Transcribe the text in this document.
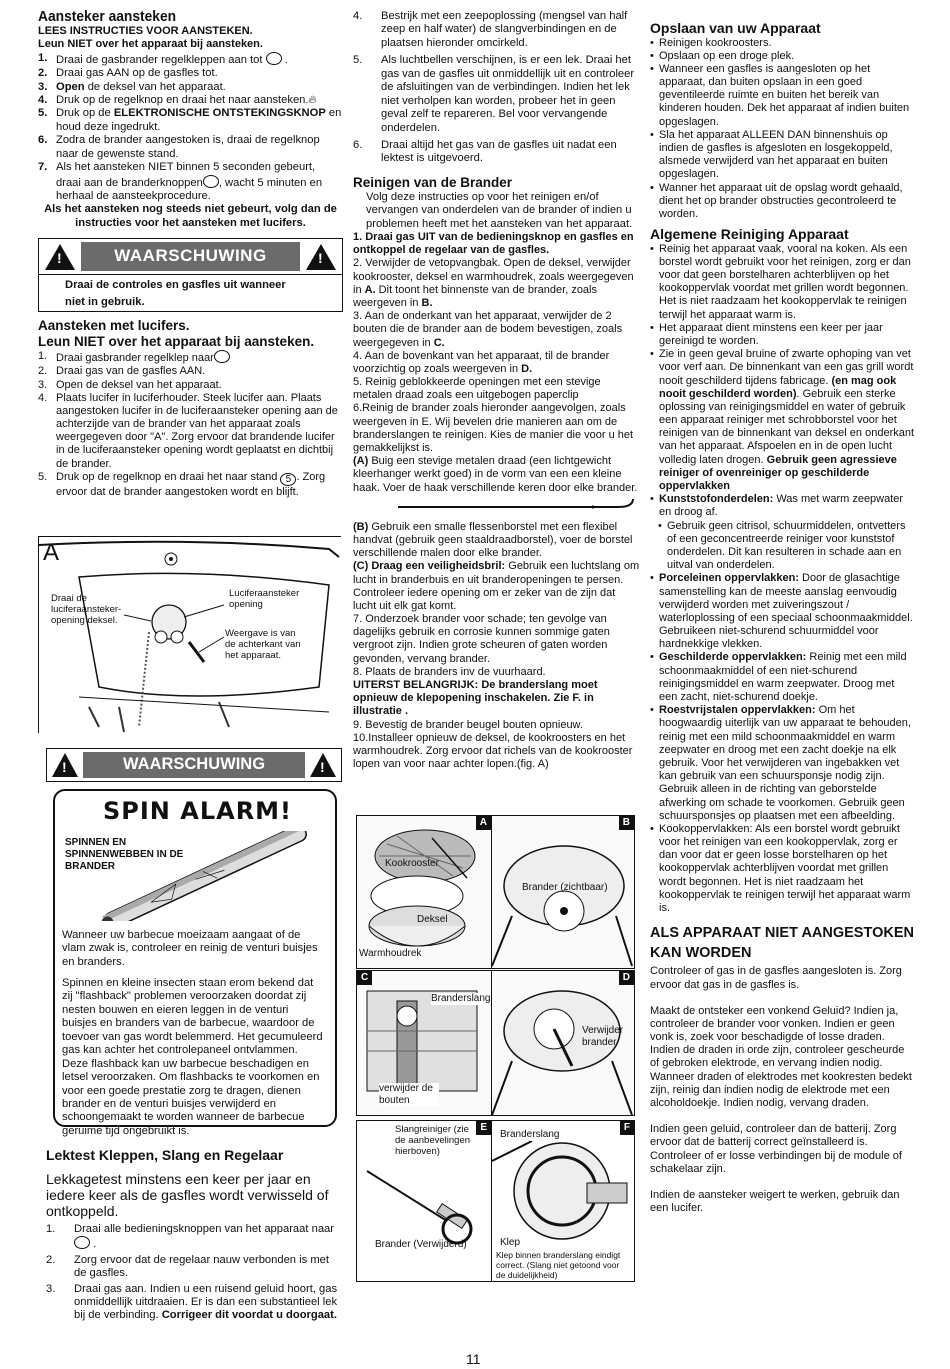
Aansteker aansteken

LEES INSTRUCTIES VOOR AANSTEKEN.

Leun NIET over het apparaat bij aansteken.

1. Draai de gasbrander regelkleppen aan tot  .
2. Draai gas AAN op de gasfles tot.
3. Open de deksel van het apparaat.
4. Druk op de regelknop en draai het naar aansteken.🔥︎
5. Druk op de ELEKTRONISCHE ONTSTEKINGSKNOP en houd deze ingedrukt.
6. Zodra de brander aangestoken is, draai de regelknop naar de gewenste stand.
7. Als het aansteken NIET binnen 5 seconden gebeurt, draai aan de branderknoppen , wacht 5 minuten en herhaal de aansteekprocedure.

Als het aansteken nog steeds niet gebeurt, volg dan de instructies voor het aansteken met lucifers.

!
WAARSCHUWING
!

Draai de controles en gasfles uit wanneer

niet in gebruik.

Aansteken met lucifers.
Leun NIET over het apparaat bij aansteken.
1. Draai gasbrander regelklep naar
2. Draai gas van de gasfles AAN.
3. Open de deksel van het apparaat.
4. Plaats lucifer in luciferhouder. Steek lucifer aan. Plaats aangestoken lucifer in de luciferaansteker opening aan de achterzijde van de brander van het apparaat zoals weergegeven door "A". Zorg ervoor dat brandende lucifer in de luciferaansteker opening wordt geplaatst en dichtbij de brander.
5. Druk op de regelknop en draai het naar stand 5 . Zorg ervoor dat de brander aangestoken wordt en blijft.
A
Draai de luciferaansteker- opening deksel.
Luciferaansteker opening
Weergave is van de achterkant van het apparaat.
!
WAARSCHUWING
!
SPIN ALARM!
SPINNEN EN SPINNENWEBBEN IN DE BRANDER

Wanneer uw barbecue moeizaam aangaat of de vlam zwak is, controleer en reinig de venturi buisjes en branders.

Spinnen en kleine insecten staan erom bekend dat zij "flashback" problemen veroorzaken doordat zij nesten bouwen en eieren leggen in de venturi buisjes en branders van de barbecue, waardoor de toevoer van gas wordt belemmerd. Het gecumuleerd gas kan achter het controlepaneel ontvlammen. Deze flashback kan uw barbecue beschadigen en letsel veroorzaken. Om flashbacks te voorkomen en voor een goede prestatie zorg te dragen, dienen brander en de venturi buisjes verwijderd en schoongemaakt te worden wanneer de barbecue geruime tijd ongebruikt is.

Lektest Kleppen, Slang en Regelaar

Lekkagetest minstens een keer per jaar en iedere keer als de gasfles wordt verwisseld of ontkoppeld.

1. Draai alle bedieningsknoppen van het apparaat naar .
2. Zorg ervoor dat de regelaar nauw verbonden is met de gasfles.
3. Draai gas aan. Indien u een ruisend geluid hoort, gas onmiddellijk uitdraaien. Er is dan een substantieel lek bij de verbinding. Corrigeer dit voordat u doorgaat.
4. Bestrijk met een zeepoplossing (mengsel van half zeep en half water) de slangverbindingen en de plaatsen hieronder omcirkeld.
5. Als luchtbellen verschijnen, is er een lek. Draai het gas van de gasfles uit onmiddellijk uit en controleer de afsluitingen van de verbindingen. Indien het lek niet verholpen kan worden, probeer het in geen geval zelf te repareren. Bel voor vervangende onderdelen.
6. Draai altijd het gas van de gasfles uit nadat een lektest is uitgevoerd.
Reinigen van de Brander

Volg deze instructies op voor het reinigen en/of vervangen van onderdelen van de brander of indien u problemen heeft met het aansteken van het apparaat.

1. Draai gas UIT van de bedieningsknop en gasfles en ontkoppel de regelaar van de gasfles.

2. Verwijder de vetopvangbak. Open de deksel, verwijder kookrooster, deksel en warmhoudrek, zoals weergegeven in A. Dit toont het binnenste van de brander, zoals weergeven in B.

3. Aan de onderkant van het apparaat, verwijder de 2 bouten die de brander aan de bodem bevestigen, zoals weergegeven in C.

4. Aan de bovenkant van het apparaat, til de brander voorzichtig op zoals weergeven in D.

5. Reinig geblokkeerde openingen met een stevige metalen draad zoals een uitgebogen paperclip

6.Reinig de brander zoals hieronder aangevolgen, zoals weergeven in E. Wij bevelen drie manieren aan om de branderslangen te reinigen. Kies de manier die voor u het gemakkelijkst is.

(A) Buig een stevige metalen draad (een lichtgewicht kleerhanger werkt goed) in de vorm van een een kleine haak. Voer de haak verschillende keren door elke brander.

(B) Gebruik een smalle flessenborstel met een flexibel handvat (gebruik geen staaldraadborstel), voer de borstel verschillende malen door elke brander.

(C) Draag een veiligheidsbril: Gebruik een luchtslang om lucht in branderbuis en uit branderopeningen te persen. Controleer iedere opening om er zeker van de zijn dat lucht uit elk gat komt.

7. Onderzoek brander voor schade; ten gevolge van dagelijks gebruik en corrosie kunnen sommige gaten vergroot zijn. Indien grote scheuren of gaten worden gevonden, vervang brander.

8. Plaats de branders inv de vuurhaard.

UITERST BELANGRIJK: De branderslang moet opnieuw de klepopening inschakelen. Zie F. in illustratie .

9. Bevestig de brander beugel bouten opnieuw.

10.Installeer opnieuw de deksel, de kookroosters en het warmhoudrek. Zorg ervoor dat richels van de kookrooster lopen van voor naar achter lopen.(fig. A)

A
Kookrooster
Deksel
Warmhoudrek
B
Brander (zichtbaar)
C
Branderslang
verwijder de bouten
D
Verwijder brander
E
Slangreiniger (zie de aanbevelingen hierboven)
Brander (Verwijderd)
F
Branderslang
Klep
Klep binnen branderslang eindigt correct. (Slang niet getoond voor de duidelijkheid)
Opslaan van uw Apparaat
• Reinigen kookroosters.
• Opslaan op een droge plek.
• Wanneer een gasfles is aangesloten op het apparaat, dan buiten opslaan in een goed geventileerde ruimte en buiten het bereik van kinderen houden. Dek het apparaat af indien buiten opgeslagen.
• Sla het apparaat ALLEEN DAN binnenshuis op indien de gasfles is afgesloten en losgekoppeld, alsmede verwijderd van het apparaat en buiten opgeslagen.
• Wanner het apparaat uit de opslag wordt gehaald, dient het op brander obstructies gecontroleerd te worden.
Algemene Reiniging Apparaat
• Reinig het apparaat vaak, vooral na koken. Als een borstel wordt gebruikt voor het reinigen, zorg er dan voor dat geen borstelharen achterblijven op het kookoppervlak voordat met grillen wordt begonnen. Het is niet raadzaam het kookoppervlak te reinigen terwijl het apparaat warm is.
• Het apparaat dient minstens een keer per jaar gereinigd te worden.
• Zie in geen geval bruine of zwarte ophoping van vet voor verf aan. De binnenkant van een gas grill wordt nooit geschilderd tijdens fabricage. (en mag ook nooit geschilderd worden). Gebruik een sterke oplossing van reinigingsmiddel en water of gebruik een apparaat reiniger met schrobborstel voor het reinigen van de binnenkant van deksel en onderkant van het apparaat. Afspoelen en in de open lucht volledig laten drogen. Gebruik geen agressieve reiniger of ovenreiniger op geschilderde oppervlakken
• Kunststofonderdelen: Was met warm zeepwater en droog af.
• Gebruik geen citrisol, schuurmiddelen, ontvetters of een geconcentreerde reiniger voor kunststof onderdelen. Dit kan resulteren in schade aan en uitval van onderdelen.
• Porceleinen oppervlakken: Door de glasachtige samenstelling kan de meeste aanslag eenvoudig verwijderd worden met zuiveringszout / waterloplossing of een speciaal schoonmaakmiddel. Gebruikeen niet-schurend schuurmiddel voor hardnekkige vlekken.
• Geschilderde oppervlakken: Reinig met een mild schoonmaakmiddel of een niet-schurend reinigingsmiddel en warm zeepwater. Droog met een zacht, niet-schurend doekje.
• Roestvrijstalen oppervlakken: Om het hoogwaardig uiterlijk van uw apparaat te behouden, reinig met een mild schoonmaakmiddel en warm zeepwater en droog met een zacht doekje na elk gebruik. Voor het verwijderen van ingebakken vet kan gebruik van een schuursponsje nodig zijn. Gebruik alleen in de richting van geborstelde afwerking om schade te voorkomen. Gebruik geen schuursponsjes op plaatsen met een afbeelding.
• Kookoppervlakken: Als een borstel wordt gebruikt voor het reinigen van een kookoppervlak, zorg er dan voor dat er geen losse borstelharen op het kookoppervlak achterblijven voordat met grillen wordt begonnen. Het is niet raadzaam het kookoppervlak te reinigen terwijl het apparaat warm is.
ALS APPARAAT NIET AANGESTOKEN KAN WORDEN

Controleer of gas in de gasfles aangesloten is. Zorg ervoor dat gas in de gasfles is.

Maakt de ontsteker een vonkend Geluid? Indien ja, controleer de brander voor vonken. Indien er geen vonk is, zoek voor beschadigde of losse draden. Indien de draden in orde zijn, controleer gescheurde of gebroken elektrode, en vervang indien nodig. Wanneer draden of elektrodes met kookresten bedekt zijn, reinig dan indien nodig de elektrode met een alcoholdoekje. Indien nodig, vervang draden.

Indien geen geluid, controleer dan de batterij. Zorg ervoor dat de batterij correct geïnstalleerd is. Controleer of er losse verbindingen bij de module of schakelaar zijn.

Indien de aansteker weigert te werken, gebruik dan een lucifer.

11
